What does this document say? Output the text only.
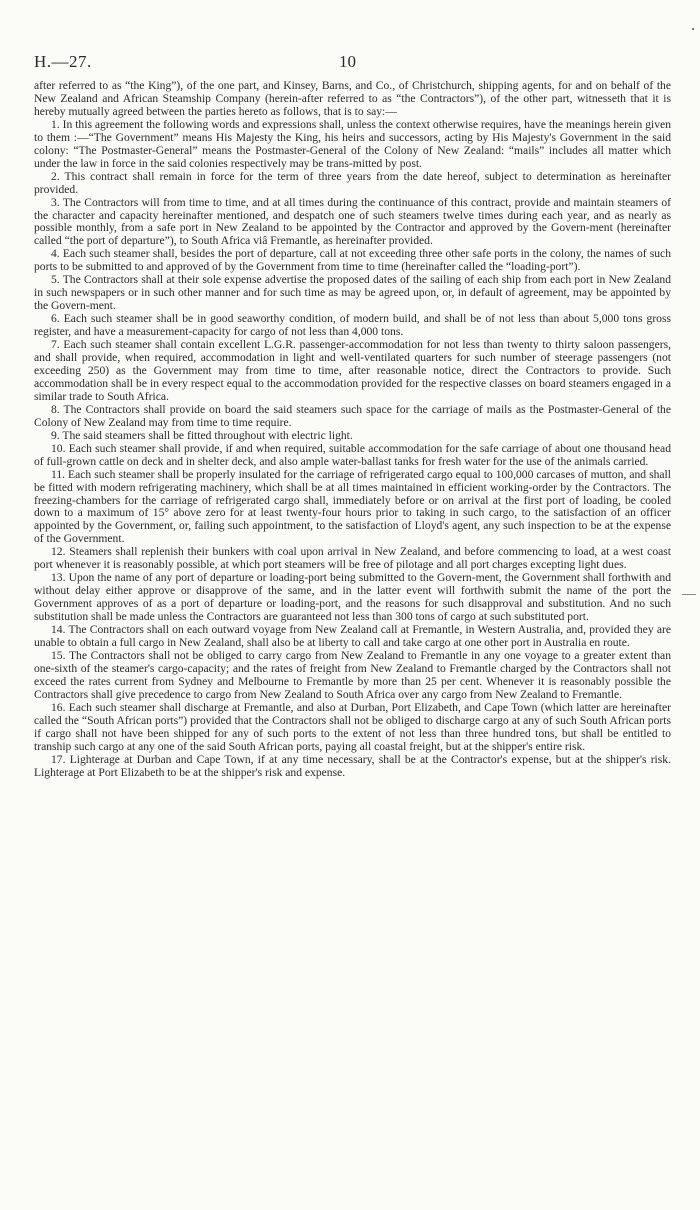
H.—27.	10

after referred to as “the King”), of the one part, and Kinsey, Barns, and Co., of Christchurch, shipping agents, for and on behalf of the New Zealand and African Steamship Company (herein-after referred to as “the Contractors”), of the other part, witnesseth that it is hereby mutually agreed between the parties hereto as follows, that is to say:—

1. In this agreement the following words and expressions shall, unless the context otherwise requires, have the meanings herein given to them :—“The Government” means His Majesty the King, his heirs and successors, acting by His Majesty's Government in the said colony: “The Postmaster-General” means the Postmaster-General of the Colony of New Zealand: “mails” includes all matter which under the law in force in the said colonies respectively may be trans-mitted by post.

2. This contract shall remain in force for the term of three years from the date hereof, subject to determination as hereinafter provided.

3. The Contractors will from time to time, and at all times during the continuance of this contract, provide and maintain steamers of the character and capacity hereinafter mentioned, and despatch one of such steamers twelve times during each year, and as nearly as possible monthly, from a safe port in New Zealand to be appointed by the Contractor and approved by the Govern-ment (hereinafter called “the port of departure”), to South Africa viâ Fremantle, as hereinafter provided.

4. Each such steamer shall, besides the port of departure, call at not exceeding three other safe ports in the colony, the names of such ports to be submitted to and approved of by the Government from time to time (hereinafter called the “loading-port”).

5. The Contractors shall at their sole expense advertise the proposed dates of the sailing of each ship from each port in New Zealand in such newspapers or in such other manner and for such time as may be agreed upon, or, in default of agreement, may be appointed by the Govern-ment.

6. Each such steamer shall be in good seaworthy condition, of modern build, and shall be of not less than about 5,000 tons gross register, and have a measurement-capacity for cargo of not less than 4,000 tons.

7. Each such steamer shall contain excellent L.G.R. passenger-accommodation for not less than twenty to thirty saloon passengers, and shall provide, when required, accommodation in light and well-ventilated quarters for such number of steerage passengers (not exceeding 250) as the Government may from time to time, after reasonable notice, direct the Contractors to provide. Such accommodation shall be in every respect equal to the accommodation provided for the respective classes on board steamers engaged in a similar trade to South Africa.

8. The Contractors shall provide on board the said steamers such space for the carriage of mails as the Postmaster-General of the Colony of New Zealand may from time to time require.

9. The said steamers shall be fitted throughout with electric light.

10. Each such steamer shall provide, if and when required, suitable accommodation for the safe carriage of about one thousand head of full-grown cattle on deck and in shelter deck, and also ample water-ballast tanks for fresh water for the use of the animals carried.

11. Each such steamer shall be properly insulated for the carriage of refrigerated cargo equal to 100,000 carcases of mutton, and shall be fitted with modern refrigerating machinery, which shall be at all times maintained in efficient working-order by the Contractors. The freezing-chambers for the carriage of refrigerated cargo shall, immediately before or on arrival at the first port of loading, be cooled down to a maximum of 15° above zero for at least twenty-four hours prior to taking in such cargo, to the satisfaction of an officer appointed by the Government, or, failing such appointment, to the satisfaction of Lloyd's agent, any such inspection to be at the expense of the Government.

12. Steamers shall replenish their bunkers with coal upon arrival in New Zealand, and before commencing to load, at a west coast port whenever it is reasonably possible, at which port steamers will be free of pilotage and all port charges excepting light dues.

13. Upon the name of any port of departure or loading-port being submitted to the Govern-ment, the Government shall forthwith and without delay either approve or disapprove of the same, and in the latter event will forthwith submit the name of the port the Government approves of as a port of departure or loading-port, and the reasons for such disapproval and substitution. And no such substitution shall be made unless the Contractors are guaranteed not less than 300 tons of cargo at such substituted port.

14. The Contractors shall on each outward voyage from New Zealand call at Fremantle, in Western Australia, and, provided they are unable to obtain a full cargo in New Zealand, shall also be at liberty to call and take cargo at one other port in Australia en route.

15. The Contractors shall not be obliged to carry cargo from New Zealand to Fremantle in any one voyage to a greater extent than one-sixth of the steamer's cargo-capacity; and the rates of freight from New Zealand to Fremantle charged by the Contractors shall not exceed the rates current from Sydney and Melbourne to Fremantle by more than 25 per cent. Whenever it is reasonably possible the Contractors shall give precedence to cargo from New Zealand to South Africa over any cargo from New Zealand to Fremantle.

16. Each such steamer shall discharge at Fremantle, and also at Durban, Port Elizabeth, and Cape Town (which latter are hereinafter called the “South African ports”) provided that the Contractors shall not be obliged to discharge cargo at any of such South African ports if cargo shall not have been shipped for any of such ports to the extent of not less than three hundred tons, but shall be entitled to tranship such cargo at any one of the said South African ports, paying all coastal freight, but at the shipper's entire risk.

17. Lighterage at Durban and Cape Town, if at any time necessary, shall be at the Contractor's expense, but at the shipper's risk. Lighterage at Port Elizabeth to be at the shipper's risk and expense.
